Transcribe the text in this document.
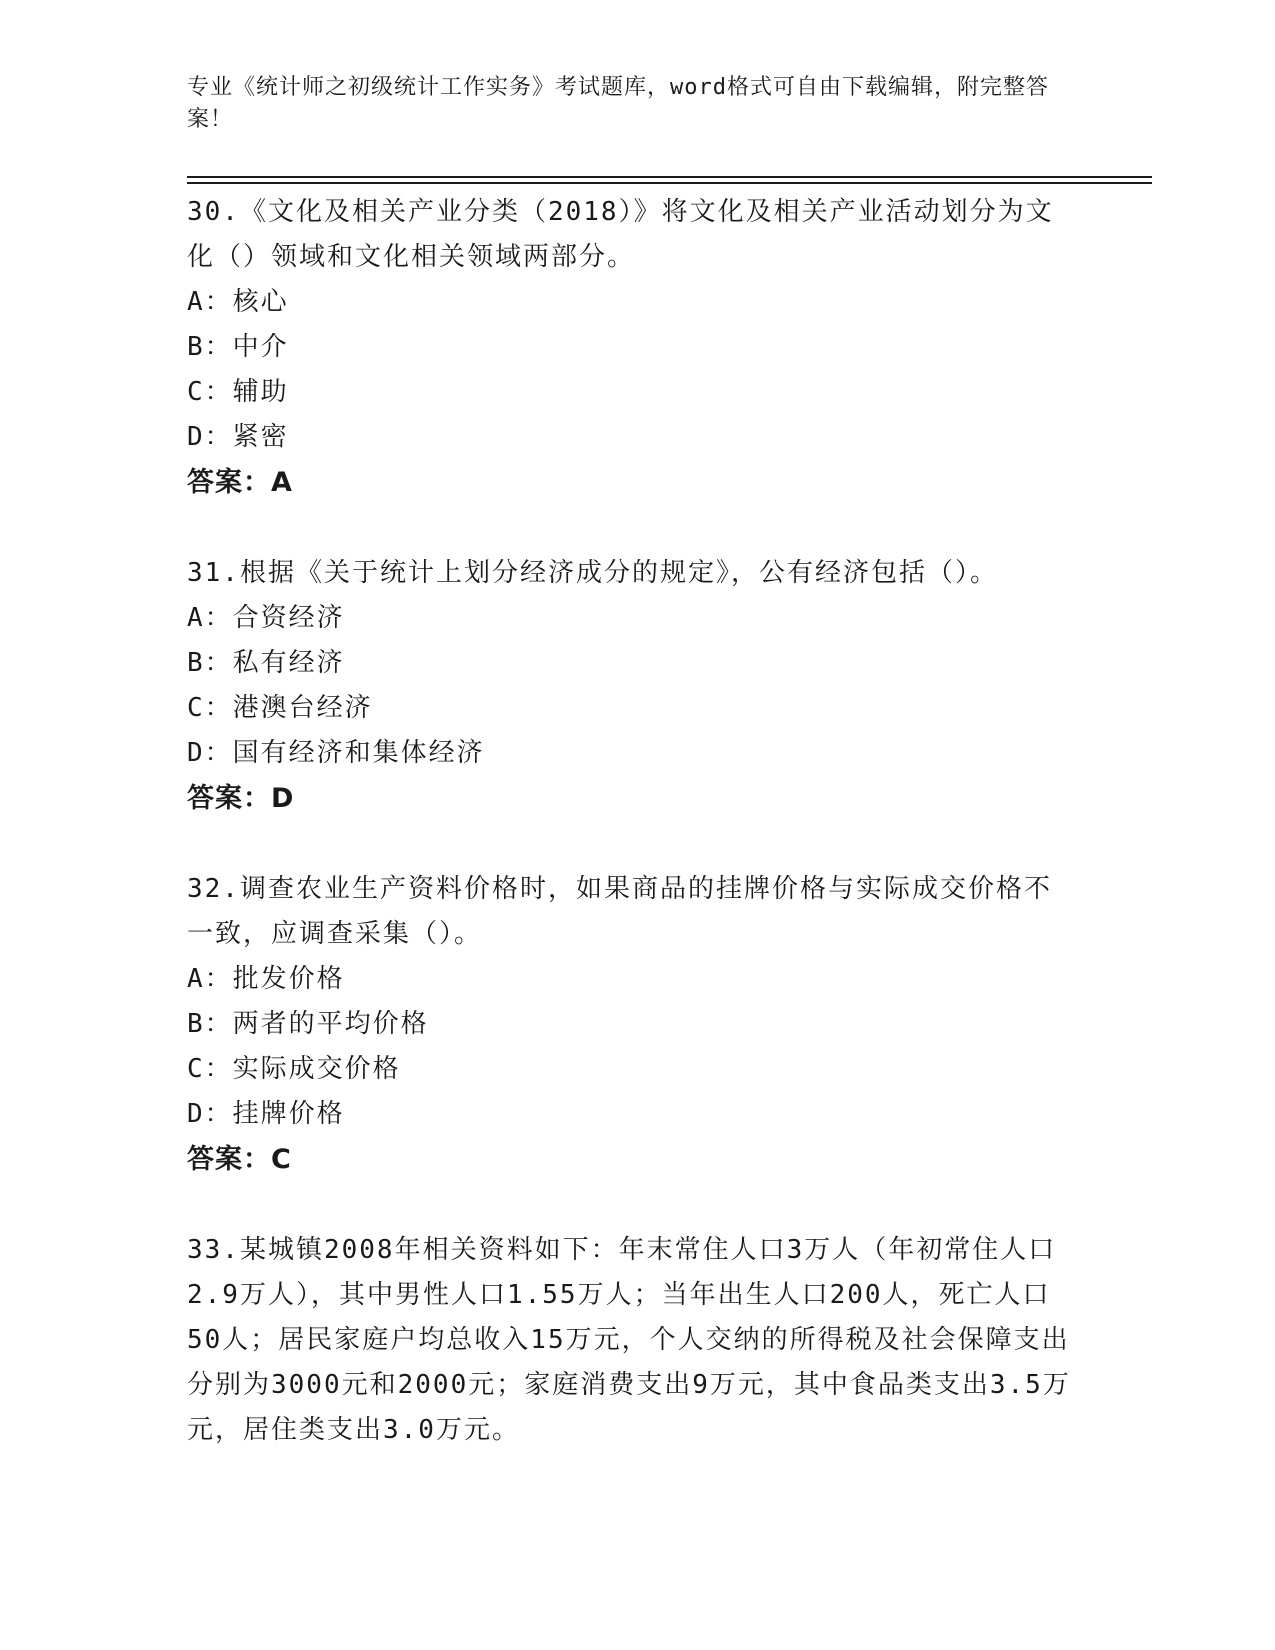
专业《统计师之初级统计工作实务》考试题库，word格式可自由下载编辑，附完整答案！
30.《文化及相关产业分类（2018）》将文化及相关产业活动划分为文化（）领域和文化相关领域两部分。
A：核心
B：中介
C：辅助
D：紧密
答案：A
31.根据《关于统计上划分经济成分的规定》，公有经济包括（）。
A：合资经济
B：私有经济
C：港澳台经济
D：国有经济和集体经济
答案：D
32.调查农业生产资料价格时，如果商品的挂牌价格与实际成交价格不一致，应调查采集（）。
A：批发价格
B：两者的平均价格
C：实际成交价格
D：挂牌价格
答案：C
33.某城镇2008年相关资料如下：年末常住人口3万人（年初常住人口2.9万人），其中男性人口1.55万人；当年出生人口200人，死亡人口50人；居民家庭户均总收入15万元，个人交纳的所得税及社会保障支出分别为3000元和2000元；家庭消费支出9万元，其中食品类支出3.5万元，居住类支出3.0万元。
